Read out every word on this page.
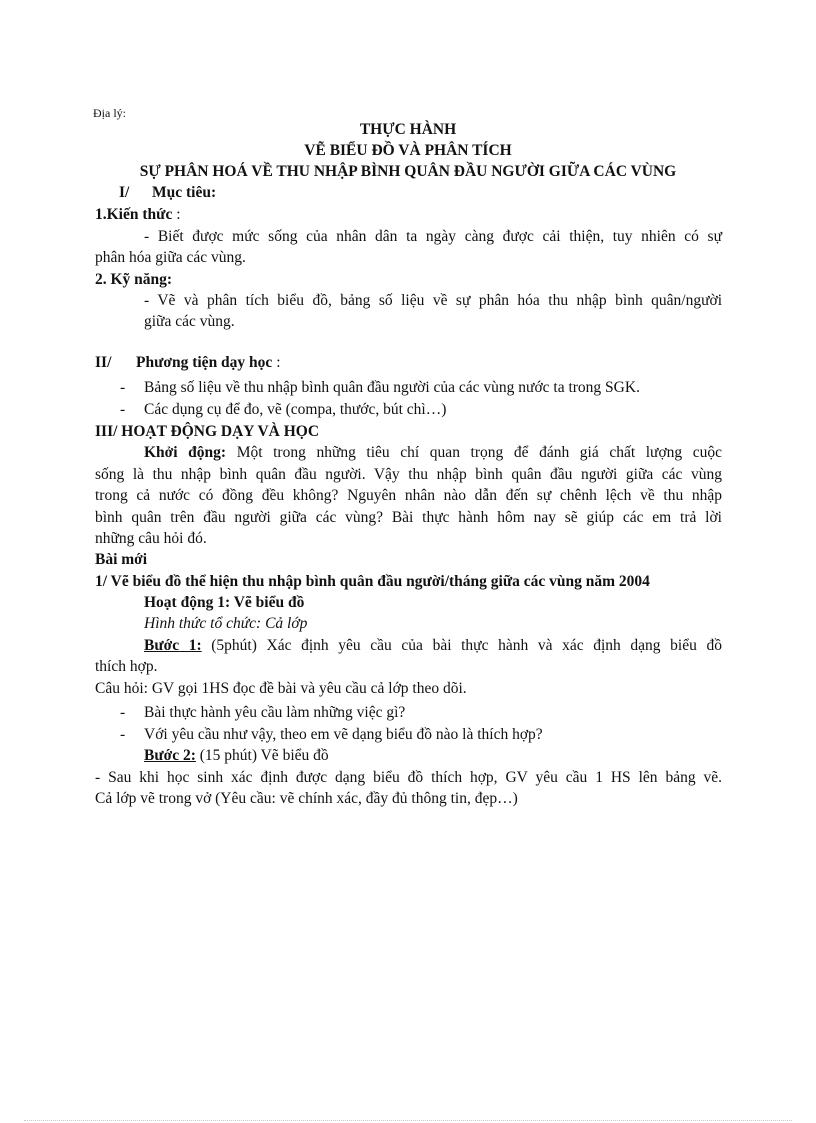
Địa lý:
THỰC HÀNH
VẼ BIỂU ĐỒ VÀ PHÂN TÍCH
SỰ PHÂN HOÁ VỀ THU NHẬP BÌNH QUÂN ĐẦU NGƯỜI GIỮA CÁC VÙNG
I/ Mục tiêu:
1.Kiến thức :
- Biết được mức sống của nhân dân ta ngày càng được cải thiện, tuy nhiên có sự
phân hóa giữa các vùng.
2. Kỹ năng:
- Vẽ và phân tích biểu đồ, bảng số liệu về sự phân hóa thu nhập bình quân/người
giữa các vùng.
II/ Phương tiện dạy học :
- Bảng số liệu về thu nhập bình quân đầu người của các vùng nước ta trong SGK.
- Các dụng cụ để đo, vẽ (compa, thước, bút chì…)
III/ HOẠT ĐỘNG DẠY VÀ HỌC
Khởi động: Một trong những tiêu chí quan trọng để đánh giá chất lượng cuộc
sống là thu nhập bình quân đầu người. Vậy thu nhập bình quân đầu người giữa các vùng
trong cả nước có đồng đều không? Nguyên nhân nào dẫn đến sự chênh lệch về thu nhập
bình quân trên đầu người giữa các vùng? Bài thực hành hôm nay sẽ giúp các em trả lời
những câu hỏi đó.
Bài mới
1/ Vẽ biểu đồ thể hiện thu nhập bình quân đầu người/tháng giữa các vùng năm 2004
Hoạt động 1: Vẽ biểu đồ
Hình thức tổ chức: Cả lớp
Bước 1: (5phút) Xác định yêu cầu của bài thực hành và xác định dạng biểu đồ
thích hợp.
Câu hỏi: GV gọi 1HS đọc đề bài và yêu cầu cả lớp theo dõi.
- Bài thực hành yêu cầu làm những việc gì?
- Với yêu cầu như vậy, theo em vẽ dạng biểu đồ nào là thích hợp?
Bước 2: (15 phút) Vẽ biểu đồ
- Sau khi học sinh xác định được dạng biểu đồ thích hợp, GV yêu cầu 1 HS lên bảng vẽ.
Cả lớp vẽ trong vở (Yêu cầu: vẽ chính xác, đầy đủ thông tin, đẹp…)
